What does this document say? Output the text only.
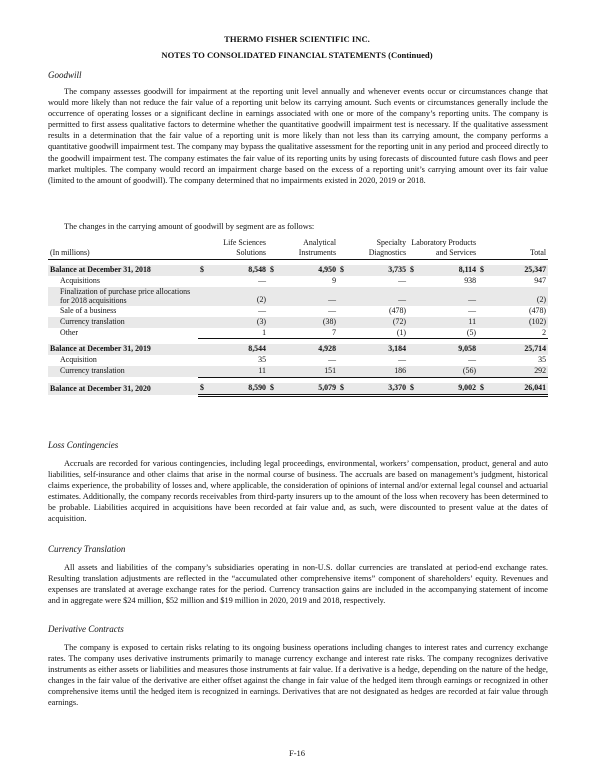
THERMO FISHER SCIENTIFIC INC.
NOTES TO CONSOLIDATED FINANCIAL STATEMENTS (Continued)
Goodwill

The company assesses goodwill for impairment at the reporting unit level annually and whenever events occur or circumstances change that would more likely than not reduce the fair value of a reporting unit below its carrying amount. Such events or circumstances generally include the occurrence of operating losses or a significant decline in earnings associated with one or more of the company’s reporting units. The company is permitted to first assess qualitative factors to determine whether the quantitative goodwill impairment test is necessary. If the qualitative assessment results in a determination that the fair value of a reporting unit is more likely than not less than its carrying amount, the company performs a quantitative goodwill impairment test. The company may bypass the qualitative assessment for the reporting unit in any period and proceed directly to the goodwill impairment test. The company estimates the fair value of its reporting units by using forecasts of discounted future cash flows and peer market multiples. The company would record an impairment charge based on the excess of a reporting unit’s carrying amount over its fair value (limited to the amount of goodwill). The company determined that no impairments existed in 2020, 2019 or 2018.

The changes in the carrying amount of goodwill by segment are as follows:
(In millions)	Life Sciences Solutions		Analytical Instruments		Specialty Diagnostics		Laboratory Products and Services		Total	

Balance at December 31, 2018	$	8,548	$	4,950	$	3,735	$	8,114	$	25,347
Acquisitions		—		9		—		938		947
Finalization of purchase price allocations for 2018 acquisitions		(2)		—		—		—		(2)
Sale of a business		—		—		(478)		—		(478)
Currency translation		(3)		(38)		(72)		11		(102)
Other		1		7		(1)		(5)		2

Balance at December 31, 2019		8,544		4,928		3,184		9,058		25,714
Acquisition		35		—		—		—		35
Currency translation		11		151		186		(56)		292

Balance at December 31, 2020	$	8,590	$	5,079	$	3,370	$	9,002	$	26,041
Loss Contingencies

Accruals are recorded for various contingencies, including legal proceedings, environmental, workers’ compensation, product, general and auto liabilities, self-insurance and other claims that arise in the normal course of business. The accruals are based on management’s judgment, historical claims experience, the probability of losses and, where applicable, the consideration of opinions of internal and/or external legal counsel and actuarial estimates. Additionally, the company records receivables from third-party insurers up to the amount of the loss when recovery has been determined to be probable. Liabilities acquired in acquisitions have been recorded at fair value and, as such, were discounted to present value at the dates of acquisition.

Currency Translation

All assets and liabilities of the company’s subsidiaries operating in non-U.S. dollar currencies are translated at period-end exchange rates. Resulting translation adjustments are reflected in the “accumulated other comprehensive items” component of shareholders’ equity. Revenues and expenses are translated at average exchange rates for the period. Currency transaction gains are included in the accompanying statement of income and in aggregate were $24 million, $52 million and $19 million in 2020, 2019 and 2018, respectively.

Derivative Contracts

The company is exposed to certain risks relating to its ongoing business operations including changes to interest rates and currency exchange rates. The company uses derivative instruments primarily to manage currency exchange and interest rate risks. The company recognizes derivative instruments as either assets or liabilities and measures those instruments at fair value. If a derivative is a hedge, depending on the nature of the hedge, changes in the fair value of the derivative are either offset against the change in fair value of the hedged item through earnings or recognized in other comprehensive items until the hedged item is recognized in earnings. Derivatives that are not designated as hedges are recorded at fair value through earnings.

F-16
